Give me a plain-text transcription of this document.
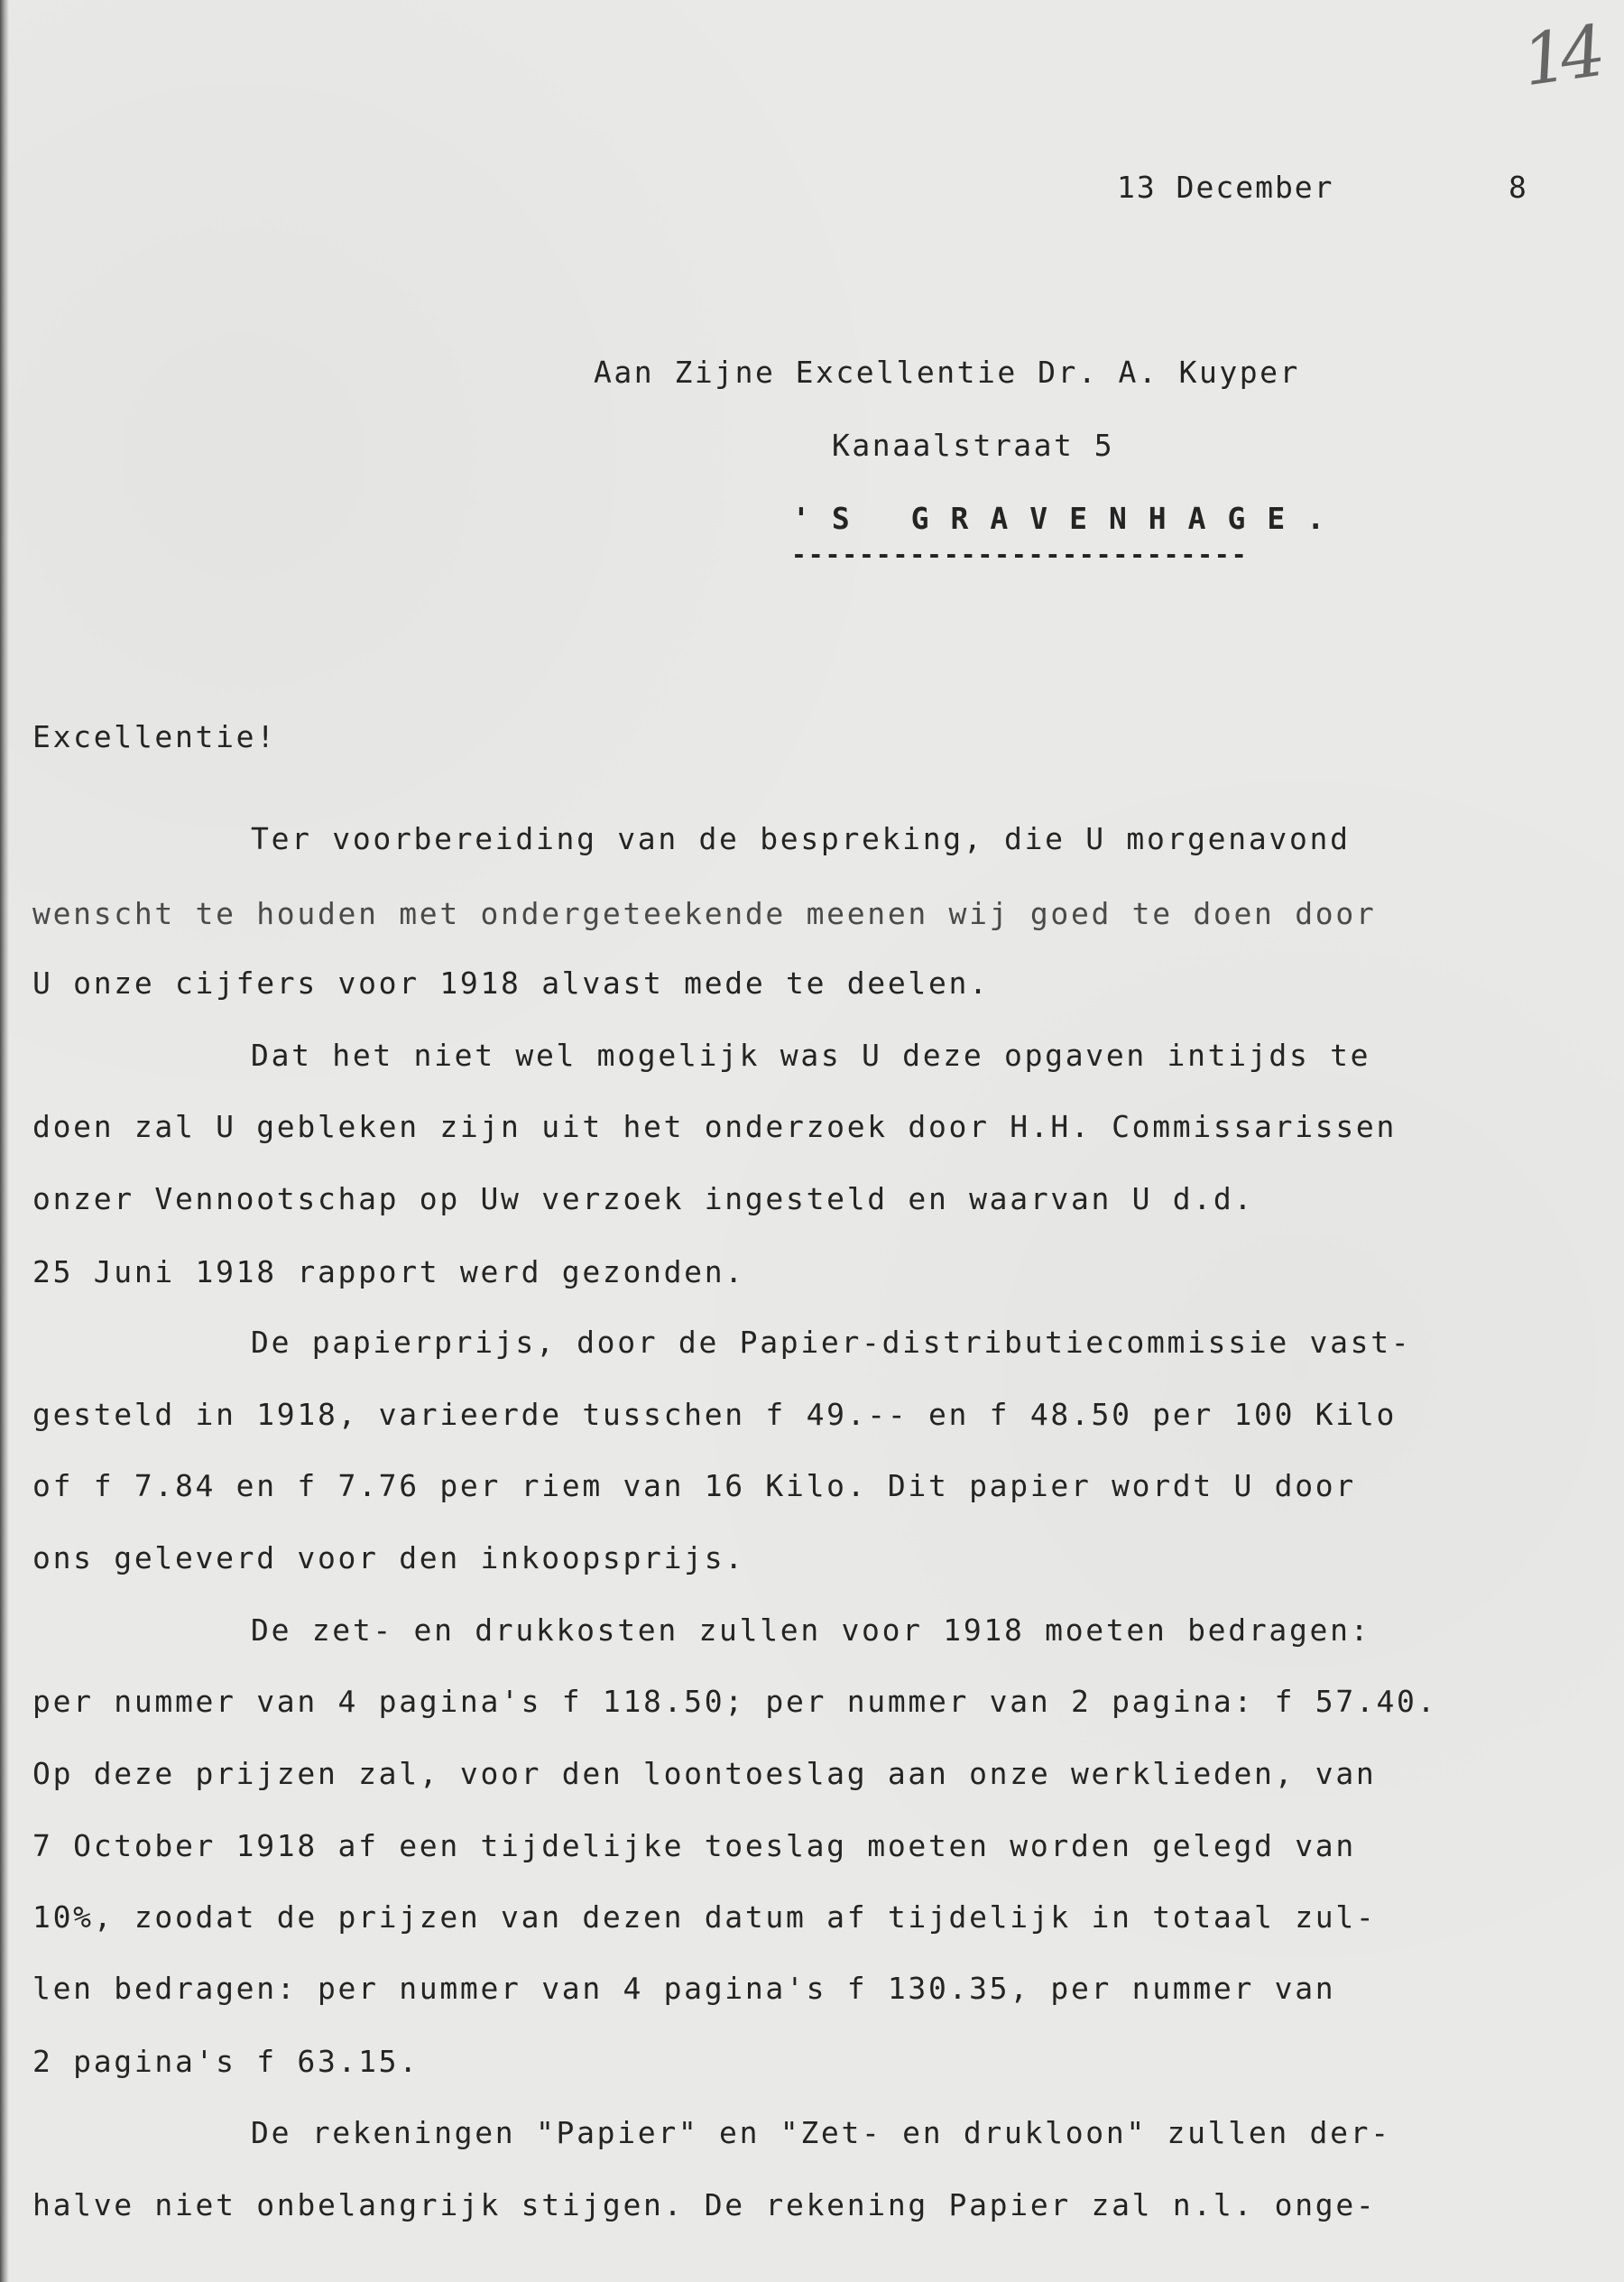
14
13 December	8
Aan Zijne Excellentie Dr. A. Kuyper
Kanaalstraat 5
'S GRAVENHAGE.
---------------------------
Excellentie!
Ter voorbereiding van de bespreking, die U morgenavond
wenscht te houden met ondergeteekende meenen wij goed te doen door
U onze cijfers voor 1918 alvast mede te deelen.
Dat het niet wel mogelijk was U deze opgaven intijds te
doen zal U gebleken zijn uit het onderzoek door H.H. Commissarissen
onzer Vennootschap op Uw verzoek ingesteld en waarvan U d.d.
25 Juni 1918 rapport werd gezonden.
De papierprijs, door de Papier-distributiecommissie vast-
gesteld in 1918, varieerde tusschen f 49.-- en f 48.50 per 100 Kilo
of f 7.84 en f 7.76 per riem van 16 Kilo. Dit papier wordt U door
ons geleverd voor den inkoopsprijs.
De zet- en drukkosten zullen voor 1918 moeten bedragen:
per nummer van 4 pagina's f 118.50; per nummer van 2 pagina: f 57.40.
Op deze prijzen zal, voor den loontoeslag aan onze werklieden, van
7 October 1918 af een tijdelijke toeslag moeten worden gelegd van
10%, zoodat de prijzen van dezen datum af tijdelijk in totaal zul-
len bedragen: per nummer van 4 pagina's f 130.35, per nummer van
2 pagina's f 63.15.
De rekeningen "Papier" en "Zet- en drukloon" zullen der-
halve niet onbelangrijk stijgen. De rekening Papier zal n.l. onge-
